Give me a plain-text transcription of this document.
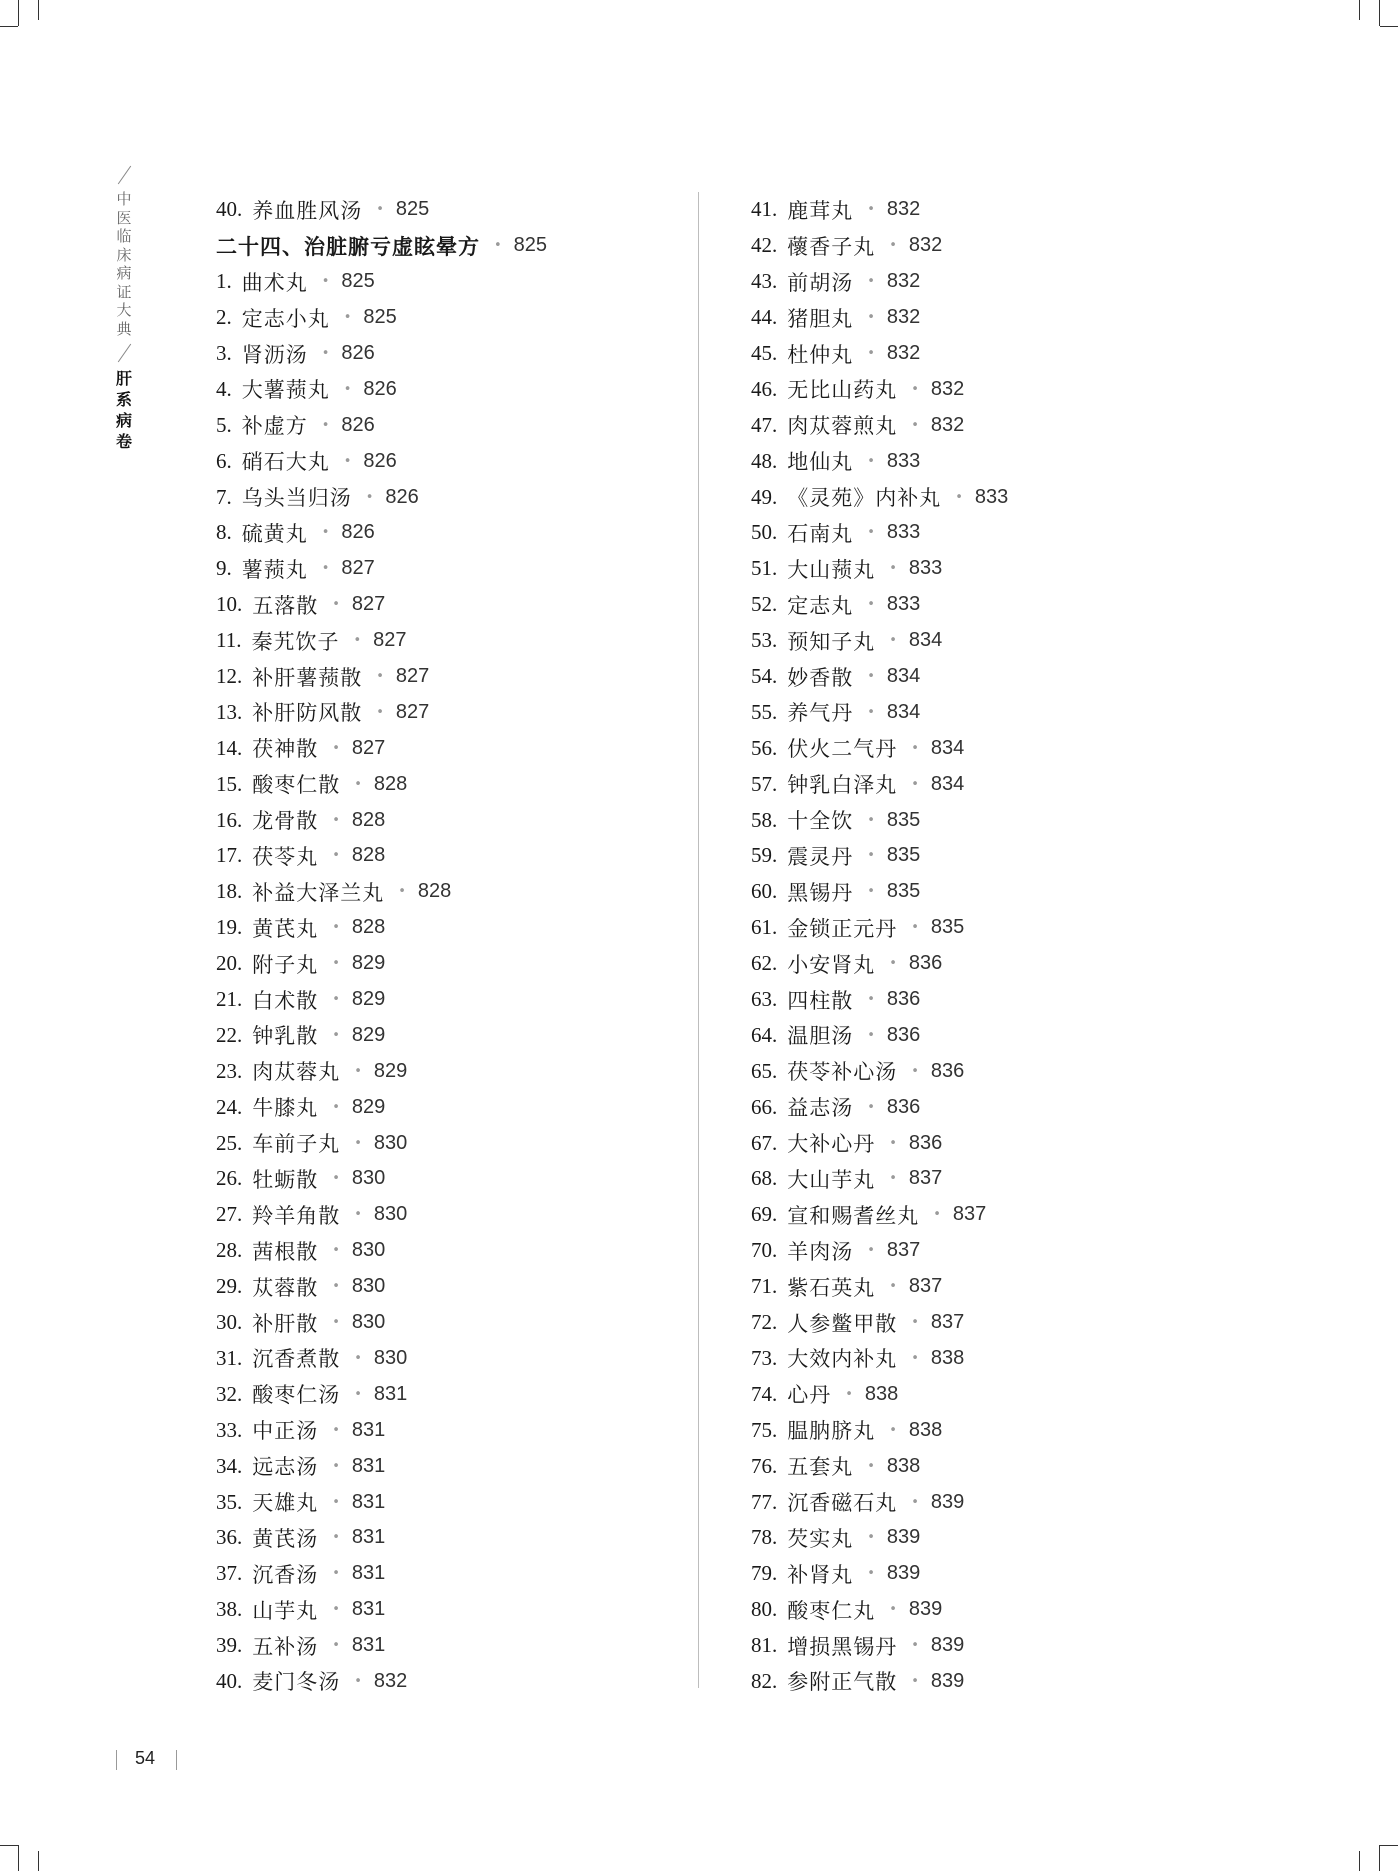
中
医
临
床
病
证
大
典
肝
系
病
卷
40. 养血胜风汤 • 825
二十四、治脏腑亏虚眩晕方 • 825
1. 曲术丸 • 825
2. 定志小丸 • 825
3. 肾沥汤 • 826
4. 大薯蓣丸 • 826
5. 补虚方 • 826
6. 硝石大丸 • 826
7. 乌头当归汤 • 826
8. 硫黄丸 • 826
9. 薯蓣丸 • 827
10. 五落散 • 827
11. 秦艽饮子 • 827
12. 补肝薯蓣散 • 827
13. 补肝防风散 • 827
14. 茯神散 • 827
15. 酸枣仁散 • 828
16. 龙骨散 • 828
17. 茯苓丸 • 828
18. 补益大泽兰丸 • 828
19. 黄芪丸 • 828
20. 附子丸 • 829
21. 白术散 • 829
22. 钟乳散 • 829
23. 肉苁蓉丸 • 829
24. 牛膝丸 • 829
25. 车前子丸 • 830
26. 牡蛎散 • 830
27. 羚羊角散 • 830
28. 茜根散 • 830
29. 苁蓉散 • 830
30. 补肝散 • 830
31. 沉香煮散 • 830
32. 酸枣仁汤 • 831
33. 中正汤 • 831
34. 远志汤 • 831
35. 天雄丸 • 831
36. 黄芪汤 • 831
37. 沉香汤 • 831
38. 山芋丸 • 831
39. 五补汤 • 831
40. 麦门冬汤 • 832
41. 鹿茸丸 • 832
42. 蘹香子丸 • 832
43. 前胡汤 • 832
44. 猪胆丸 • 832
45. 杜仲丸 • 832
46. 无比山药丸 • 832
47. 肉苁蓉煎丸 • 832
48. 地仙丸 • 833
49. 《灵苑》内补丸 • 833
50. 石南丸 • 833
51. 大山蓣丸 • 833
52. 定志丸 • 833
53. 预知子丸 • 834
54. 妙香散 • 834
55. 养气丹 • 834
56. 伏火二气丹 • 834
57. 钟乳白泽丸 • 834
58. 十全饮 • 835
59. 震灵丹 • 835
60. 黑锡丹 • 835
61. 金锁正元丹 • 835
62. 小安肾丸 • 836
63. 四柱散 • 836
64. 温胆汤 • 836
65. 茯苓补心汤 • 836
66. 益志汤 • 836
67. 大补心丹 • 836
68. 大山芋丸 • 837
69. 宣和赐耆丝丸 • 837
70. 羊肉汤 • 837
71. 紫石英丸 • 837
72. 人参鳖甲散 • 837
73. 大效内补丸 • 838
74. 心丹 • 838
75. 腽肭脐丸 • 838
76. 五套丸 • 838
77. 沉香磁石丸 • 839
78. 芡实丸 • 839
79. 补肾丸 • 839
80. 酸枣仁丸 • 839
81. 增损黑锡丹 • 839
82. 参附正气散 • 839
54
